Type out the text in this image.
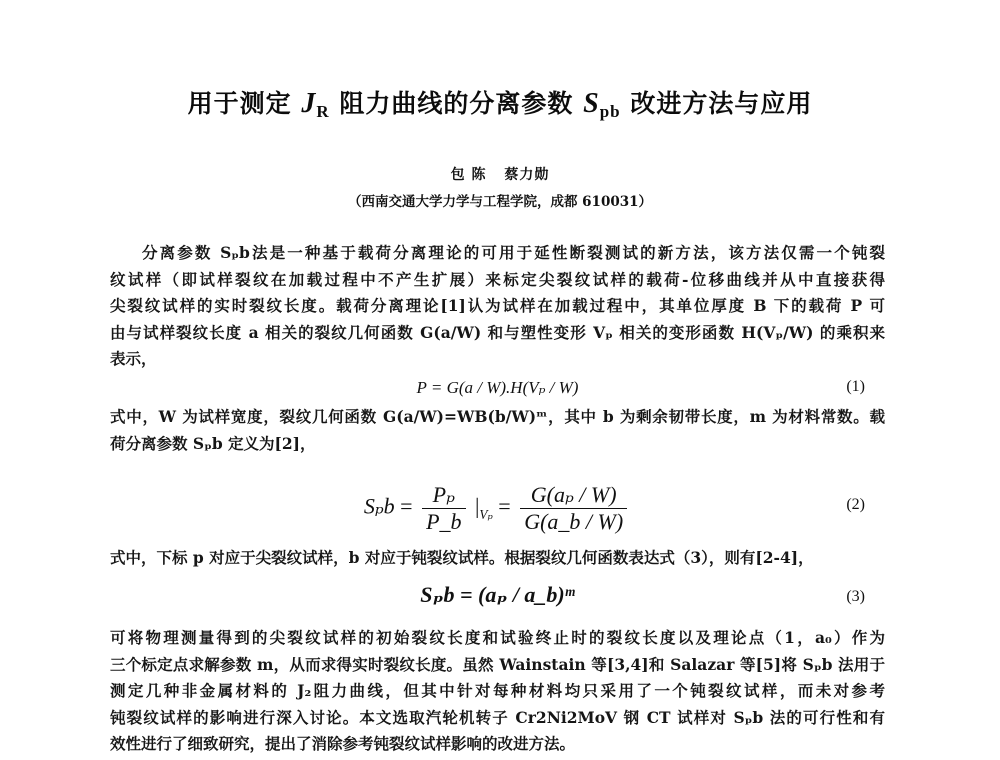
用于测定 $J_R$ 阻力曲线的分离参数 $S_{pb}$ 改进方法与应用
包 陈 蔡力勋
（西南交通大学力学与工程学院，成都 610031）
分离参数 Sₚb法是一种基于载荷分离理论的可用于延性断裂测试的新方法，该方法仅需一个钝裂
纹试样（即试样裂纹在加载过程中不产生扩展）来标定尖裂纹试样的载荷-位移曲线并从中直接获得
尖裂纹试样的实时裂纹长度。载荷分离理论[1]认为试样在加载过程中，其单位厚度 B 下的载荷 P 可
由与试样裂纹长度 a 相关的裂纹几何函数 G(a/W) 和与塑性变形 Vₚ 相关的变形函数 H(Vₚ/W) 的乘积来
表示，
P = G(a / W).H(Vₚ / W)	(1)
式中，W 为试样宽度，裂纹几何函数 G(a/W)=WB(b/W)ᵐ，其中 b 为剩余韧带长度，m 为材料常数。载
荷分离参数 Sₚb 定义为[2]，
$S_pb = \frac{\text{Pₚ}}{P\_b} |_{V_p} = \frac{\text{G(aₚ / W)}}{G(a\_b / W)}$	(2)
式中，下标 p 对应于尖裂纹试样，b 对应于钝裂纹试样。根据裂纹几何函数表达式（3），则有[2-4]，
Sₚb = (aₚ / a_b)ᵐ	(3)
可将物理测量得到的尖裂纹试样的初始裂纹长度和试验终止时的裂纹长度以及理论点（1，a₀）作为
三个标定点求解参数 m，从而求得实时裂纹长度。虽然 Wainstain 等[3,4]和 Salazar 等[5]将 Sₚb 法用于
测定几种非金属材料的 J₂阻力曲线，但其中针对每种材料均只采用了一个钝裂纹试样，而未对参考
钝裂纹试样的影响进行深入讨论。本文选取汽轮机转子 Cr2Ni2MoV 钢 CT 试样对 Sₚb 法的可行性和有
效性进行了细致研究，提出了消除参考钝裂纹试样影响的改进方法。
